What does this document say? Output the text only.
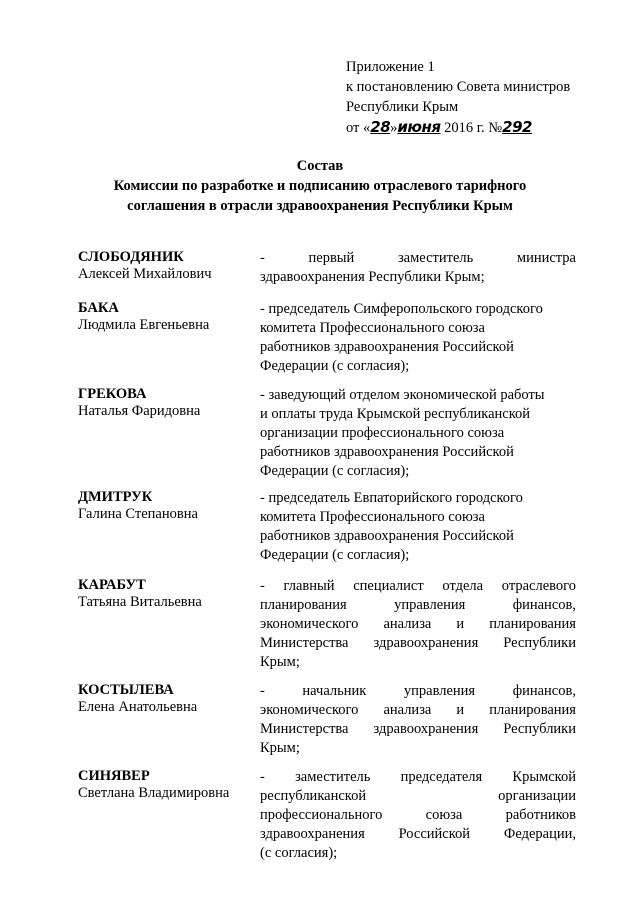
Приложение 1
к постановлению Совета министров
Республики Крым
от «28»июня 2016 г. №292
Состав
Комиссии по разработке и подписанию отраслевого тарифного
соглашения в отрасли здравоохранения Республики Крым
СЛОБОДЯНИК
Алексей Михайлович
-	первый	заместитель	министра
здравоохранения Республики Крым;
БАКА
Людмила Евгеньевна
- председатель Симферопольского городского
комитета Профессионального союза
работников здравоохранения Российской
Федерации (с согласия);
ГРЕКОВА
Наталья Фаридовна
- заведующий отделом экономической работы
и оплаты труда Крымской республиканской
организации профессионального союза
работников здравоохранения Российской
Федерации (с согласия);
ДМИТРУК
Галина Степановна
- председатель Евпаторийского городского
комитета Профессионального союза
работников здравоохранения Российской
Федерации (с согласия);
КАРАБУТ
Татьяна Витальевна
- главный специалист отдела отраслевого
планирования	управления	финансов,
экономического анализа и планирования
Министерства здравоохранения Республики
Крым;
КОСТЫЛЕВА
Елена Анатольевна
-	начальник	управления	финансов,
экономического анализа и планирования
Министерства здравоохранения Республики
Крым;
СИНЯВЕР
Светлана Владимировна
- заместитель председателя Крымской
республиканской	организации
профессионального	союза	работников
здравоохранения Российской Федерации,
(с согласия);
